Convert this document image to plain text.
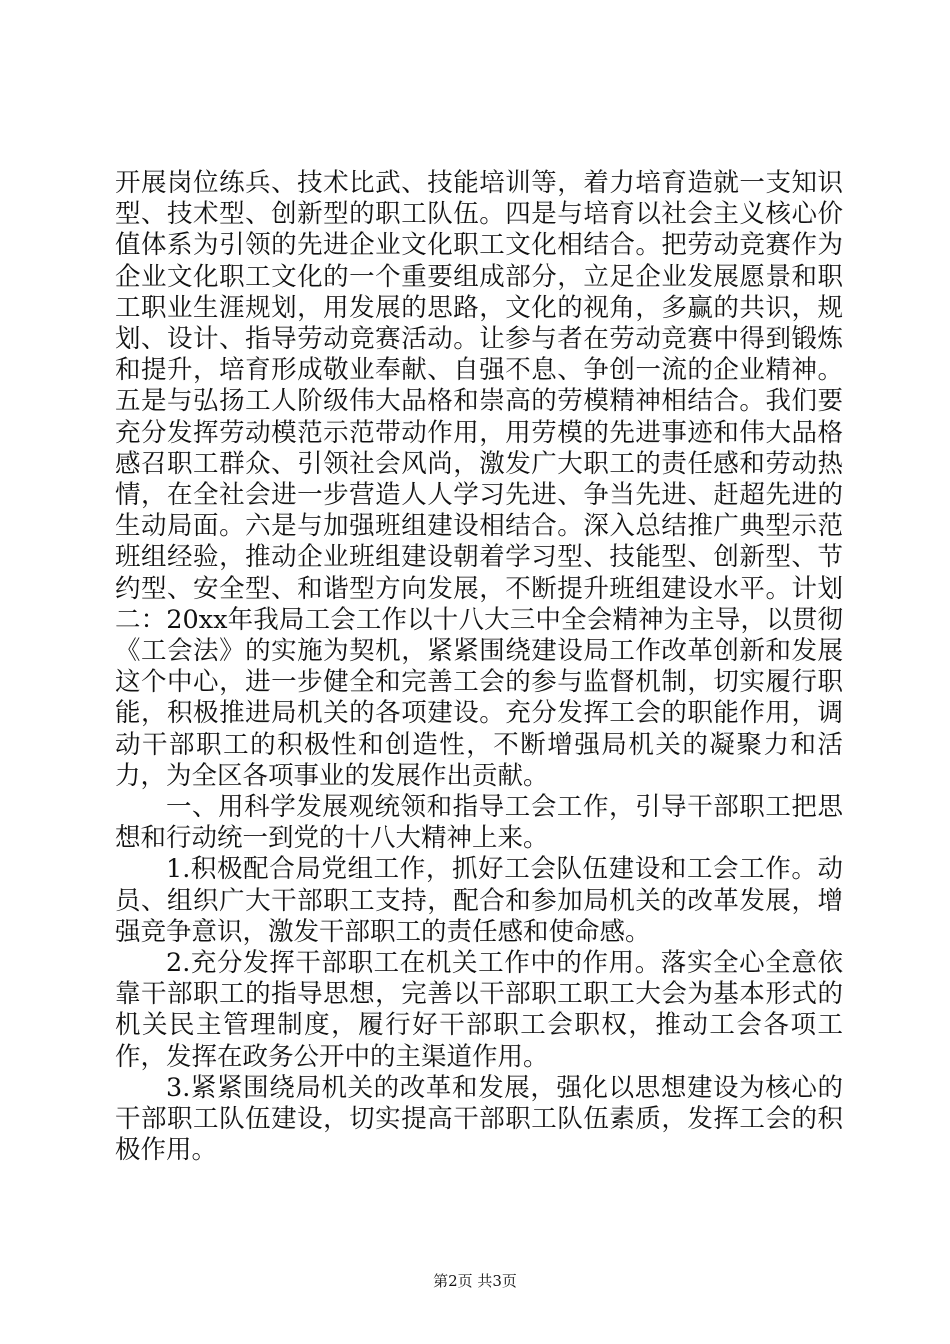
开展岗位练兵、技术比武、技能培训等，着力培育造就一支知识型、技术型、创新型的职工队伍。四是与培育以社会主义核心价值体系为引领的先进企业文化职工文化相结合。把劳动竞赛作为企业文化职工文化的一个重要组成部分，立足企业发展愿景和职工职业生涯规划，用发展的思路，文化的视角，多赢的共识，规划、设计、指导劳动竞赛活动。让参与者在劳动竞赛中得到锻炼和提升，培育形成敬业奉献、自强不息、争创一流的企业精神。五是与弘扬工人阶级伟大品格和崇高的劳模精神相结合。我们要充分发挥劳动模范示范带动作用，用劳模的先进事迹和伟大品格感召职工群众、引领社会风尚，激发广大职工的责任感和劳动热情，在全社会进一步营造人人学习先进、争当先进、赶超先进的生动局面。六是与加强班组建设相结合。深入总结推广典型示范班组经验，推动企业班组建设朝着学习型、技能型、创新型、节约型、安全型、和谐型方向发展，不断提升班组建设水平。计划二：20xx年我局工会工作以十八大三中全会精神为主导，以贯彻《工会法》的实施为契机，紧紧围绕建设局工作改革创新和发展这个中心，进一步健全和完善工会的参与监督机制，切实履行职能，积极推进局机关的各项建设。充分发挥工会的职能作用，调动干部职工的积极性和创造性，不断增强局机关的凝聚力和活力，为全区各项事业的发展作出贡献。

一、用科学发展观统领和指导工会工作，引导干部职工把思想和行动统一到党的十八大精神上来。

1.积极配合局党组工作，抓好工会队伍建设和工会工作。动员、组织广大干部职工支持，配合和参加局机关的改革发展，增强竞争意识，激发干部职工的责任感和使命感。

2.充分发挥干部职工在机关工作中的作用。落实全心全意依靠干部职工的指导思想，完善以干部职工职工大会为基本形式的机关民主管理制度，履行好干部职工会职权，推动工会各项工作，发挥在政务公开中的主渠道作用。

3.紧紧围绕局机关的改革和发展，强化以思想建设为核心的干部职工队伍建设，切实提高干部职工队伍素质，发挥工会的积极作用。

第2页 共3页
